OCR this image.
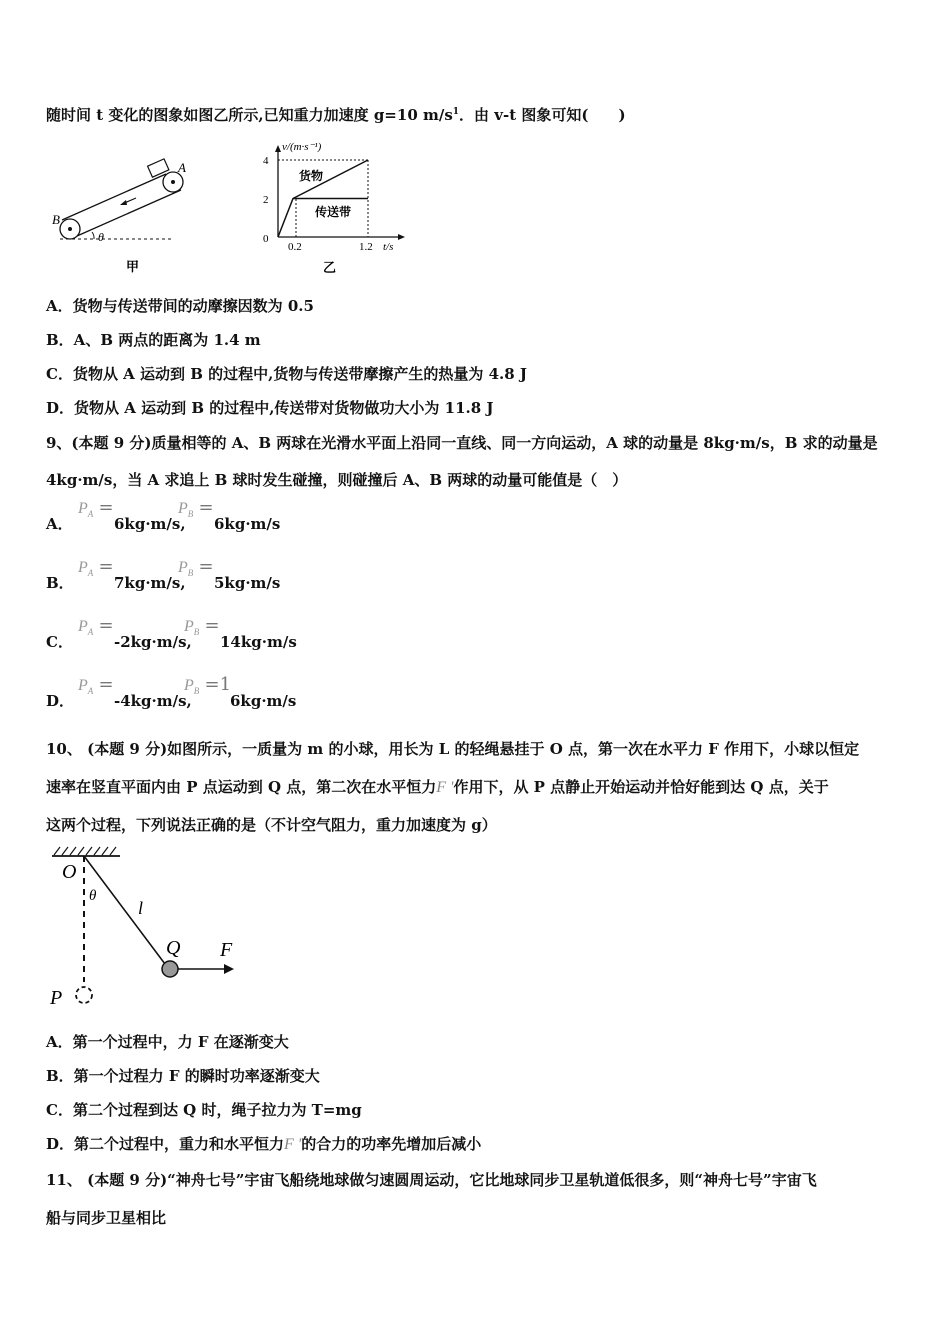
随时间 t 变化的图象如图乙所示,已知重力加速度 g=10 $m/s^1$．由 v-t 图象可知(　　)
θ
B
A
甲
v/(m·s⁻¹)
t/s
4
2
0
0.2	1.2
货物
传送带
乙
A．货物与传送带间的动摩擦因数为 0.5
B．A、B 两点的距离为 1.4 m
C．货物从 A 运动到 B 的过程中,货物与传送带摩擦产生的热量为 4.8 J
D．货物从 A 运动到 B 的过程中,传送带对货物做功大小为 11.8 J
9、(本题 9 分)质量相等的 A、B 两球在光滑水平面上沿同一直线、同一方向运动，A 球的动量是 8kg·m/s，B 求的动量是
4kg·m/s，当 A 求追上 B 球时发生碰撞，则碰撞后 A、B 两球的动量可能值是（　）
A．
$P_A$ =
6kg·m/s,
$P_B$ =
6kg·m/s
B．
$P_A$ =
7kg·m/s,
$P_B$ =
5kg·m/s
C．
$P_A$ =
-2kg·m/s,
$P_B$ =
14kg·m/s
D．
$P_A$ =
-4kg·m/s,
$P_B =1$
6kg·m/s
10、 (本题 9 分)如图所示，一质量为 m 的小球，用长为 L 的轻绳悬挂于 O 点，第一次在水平力 F 作用下，小球以恒定
速率在竖直平面内由 P 点运动到 Q 点，第二次在水平恒力F '作用下，从 P 点静止开始运动并恰好能到达 Q 点，关于
这两个过程，下列说法正确的是（不计空气阻力，重力加速度为 g）
O
θ
l
Q F
P
A．第一个过程中，力 F 在逐渐变大
B．第一个过程力 F 的瞬时功率逐渐变大
C．第二个过程到达 Q 时，绳子拉力为 T=mg
D．第二个过程中，重力和水平恒力F '的合力的功率先增加后减小
11、 (本题 9 分)“神舟七号”宇宙飞船绕地球做匀速圆周运动，它比地球同步卫星轨道低很多，则“神舟七号”宇宙飞
船与同步卫星相比
